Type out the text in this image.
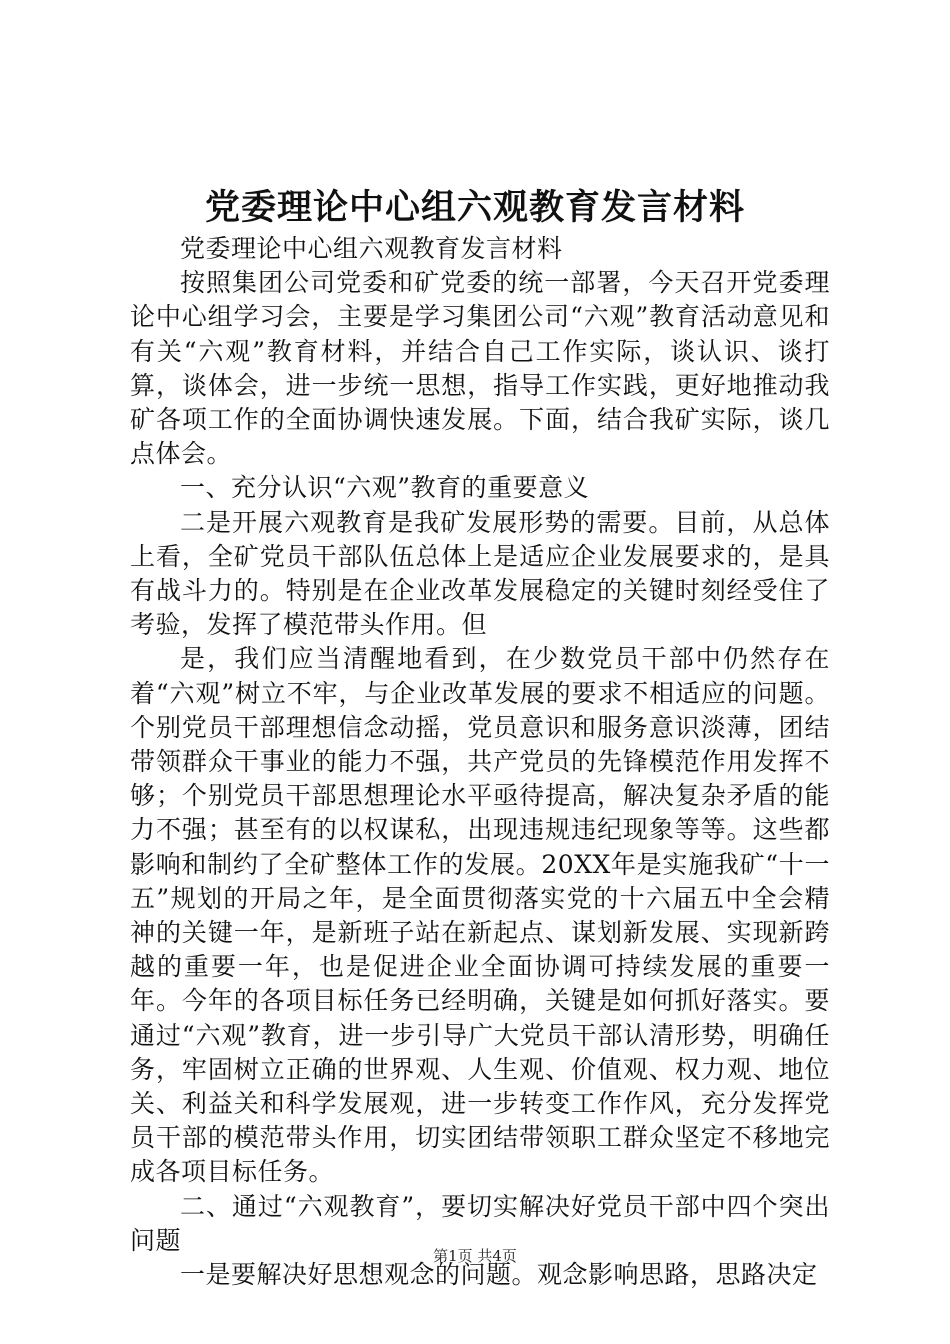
党委理论中心组六观教育发言材料

党委理论中心组六观教育发言材料

按照集团公司党委和矿党委的统一部署，今天召开党委理论中心组学习会，主要是学习集团公司“六观”教育活动意见和有关“六观”教育材料，并结合自己工作实际，谈认识、谈打算，谈体会，进一步统一思想，指导工作实践，更好地推动我矿各项工作的全面协调快速发展。下面，结合我矿实际，谈几点体会。

一、充分认识“六观”教育的重要意义

二是开展六观教育是我矿发展形势的需要。目前，从总体上看，全矿党员干部队伍总体上是适应企业发展要求的，是具有战斗力的。特别是在企业改革发展稳定的关键时刻经受住了考验，发挥了模范带头作用。但

是，我们应当清醒地看到，在少数党员干部中仍然存在着“六观”树立不牢，与企业改革发展的要求不相适应的问题。个别党员干部理想信念动摇，党员意识和服务意识淡薄，团结带领群众干事业的能力不强，共产党员的先锋模范作用发挥不够；个别党员干部思想理论水平亟待提高，解决复杂矛盾的能力不强；甚至有的以权谋私，出现违规违纪现象等等。这些都影响和制约了全矿整体工作的发展。20XX年是实施我矿“十一五”规划的开局之年，是全面贯彻落实党的十六届五中全会精神的关键一年，是新班子站在新起点、谋划新发展、实现新跨越的重要一年，也是促进企业全面协调可持续发展的重要一年。今年的各项目标任务已经明确，关键是如何抓好落实。要通过“六观”教育，进一步引导广大党员干部认清形势，明确任务，牢固树立正确的世界观、人生观、价值观、权力观、地位关、利益关和科学发展观，进一步转变工作作风，充分发挥党员干部的模范带头作用，切实团结带领职工群众坚定不移地完成各项目标任务。

二、通过“六观教育”，要切实解决好党员干部中四个突出问题

一是要解决好思想观念的问题。观念影响思路，思路决定

第1页 共4页
